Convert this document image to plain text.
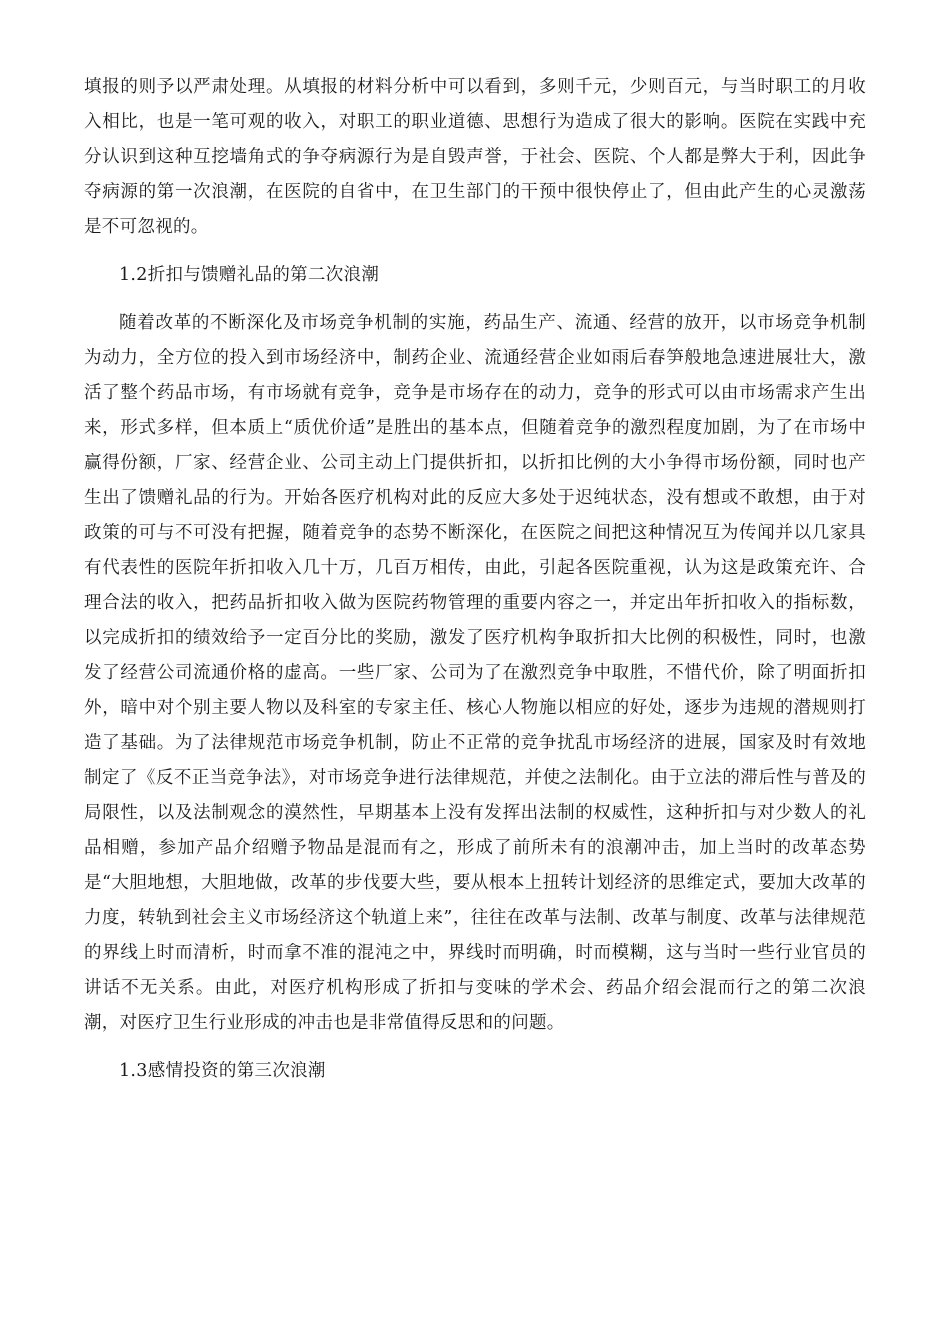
填报的则予以严肃处理。从填报的材料分析中可以看到，多则千元，少则百元，与当时职工的月收入相比，也是一笔可观的收入，对职工的职业道德、思想行为造成了很大的影响。医院在实践中充分认识到这种互挖墙角式的争夺病源行为是自毁声誉，于社会、医院、个人都是弊大于利，因此争夺病源的第一次浪潮，在医院的自省中，在卫生部门的干预中很快停止了，但由此产生的心灵激荡是不可忽视的。

1.2折扣与馈赠礼品的第二次浪潮

随着改革的不断深化及市场竞争机制的实施，药品生产、流通、经营的放开，以市场竞争机制为动力，全方位的投入到市场经济中，制药企业、流通经营企业如雨后春笋般地急速进展壮大，激活了整个药品市场，有市场就有竞争，竞争是市场存在的动力，竞争的形式可以由市场需求产生出来，形式多样，但本质上“质优价适”是胜出的基本点，但随着竞争的激烈程度加剧，为了在市场中赢得份额，厂家、经营企业、公司主动上门提供折扣，以折扣比例的大小争得市场份额，同时也产生出了馈赠礼品的行为。开始各医疗机构对此的反应大多处于迟纯状态，没有想或不敢想，由于对政策的可与不可没有把握，随着竞争的态势不断深化，在医院之间把这种情况互为传闻并以几家具有代表性的医院年折扣收入几十万，几百万相传，由此，引起各医院重视，认为这是政策充许、合理合法的收入，把药品折扣收入做为医院药物管理的重要内容之一，并定出年折扣收入的指标数，以完成折扣的绩效给予一定百分比的奖励，激发了医疗机构争取折扣大比例的积极性，同时，也激发了经营公司流通价格的虚高。一些厂家、公司为了在激烈竞争中取胜，不惜代价，除了明面折扣外，暗中对个别主要人物以及科室的专家主任、核心人物施以相应的好处，逐步为违规的潜规则打造了基础。为了法律规范市场竞争机制，防止不正常的竞争扰乱市场经济的进展，国家及时有效地制定了《反不正当竞争法》，对市场竞争进行法律规范，并使之法制化。由于立法的滞后性与普及的局限性，以及法制观念的漠然性，早期基本上没有发挥出法制的权威性，这种折扣与对少数人的礼品相赠，参加产品介绍赠予物品是混而有之，形成了前所未有的浪潮冲击，加上当时的改革态势是“大胆地想，大胆地做，改革的步伐要大些，要从根本上扭转计划经济的思维定式，要加大改革的力度，转轨到社会主义市场经济这个轨道上来”，往往在改革与法制、改革与制度、改革与法律规范的界线上时而清析，时而拿不准的混沌之中，界线时而明确，时而模糊，这与当时一些行业官员的讲话不无关系。由此，对医疗机构形成了折扣与变味的学术会、药品介绍会混而行之的第二次浪潮，对医疗卫生行业形成的冲击也是非常值得反思和的问题。

1.3感情投资的第三次浪潮
